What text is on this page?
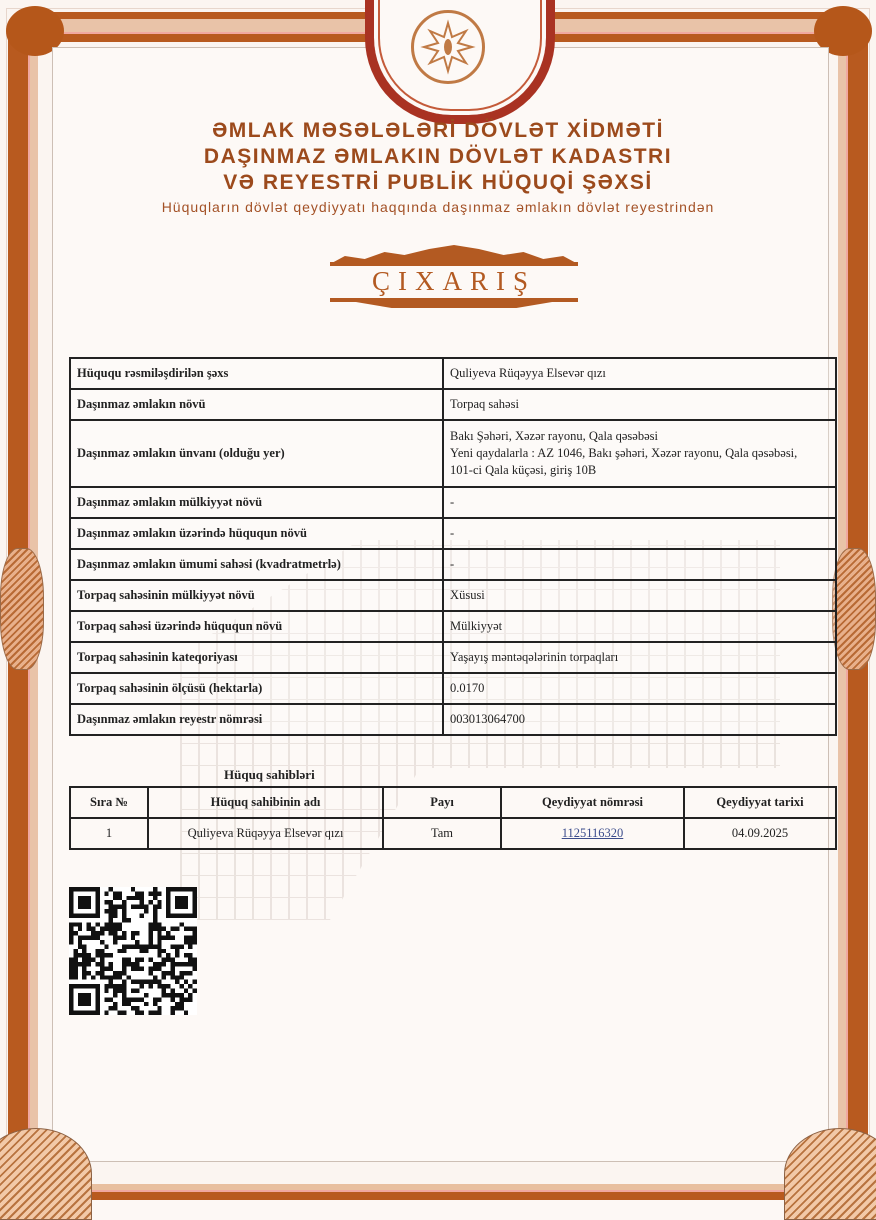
ƏMLAK MƏSƏLƏLƏRİ DÖVLƏT XİDMƏTİ
DAŞINMAZ ƏMLAKIN DÖVLƏT KADASTRI
VƏ REYESTRİ PUBLİK HÜQUQİ ŞƏXSİ
Hüquqların dövlət qeydiyyatı haqqında daşınmaz əmlakın dövlət reyestrindən
ÇIXARIŞ
Hüququ rəsmiləşdirilən şəxs	Quliyeva Rüqəyya Elsevər qızı
Daşınmaz əmlakın növü	Torpaq sahəsi
Daşınmaz əmlakın ünvanı (olduğu yer)	Bakı Şəhəri, Xəzər rayonu, Qala qəsəbəsi
Yeni qaydalarla : AZ 1046, Bakı şəhəri, Xəzər rayonu, Qala qəsəbəsi,
101-ci Qala küçəsi, giriş 10B

Daşınmaz əmlakın mülkiyyət növü	-
Daşınmaz əmlakın üzərində hüququn növü	-
Daşınmaz əmlakın ümumi sahəsi (kvadratmetrlə)	-
Torpaq sahəsinin mülkiyyət növü	Xüsusi
Torpaq sahəsi üzərində hüququn növü	Mülkiyyət
Torpaq sahəsinin kateqoriyası	Yaşayış məntəqələrinin torpaqları
Torpaq sahəsinin ölçüsü (hektarla)	0.0170
Daşınmaz əmlakın reyestr nömrəsi	003013064700
Hüquq sahibləri
Sıra №	Hüquq sahibinin adı	Payı	Qeydiyyat nömrəsi	Qeydiyyat tarixi
1	Quliyeva Rüqəyya Elsevər qızı	Tam	1125116320	04.09.2025
